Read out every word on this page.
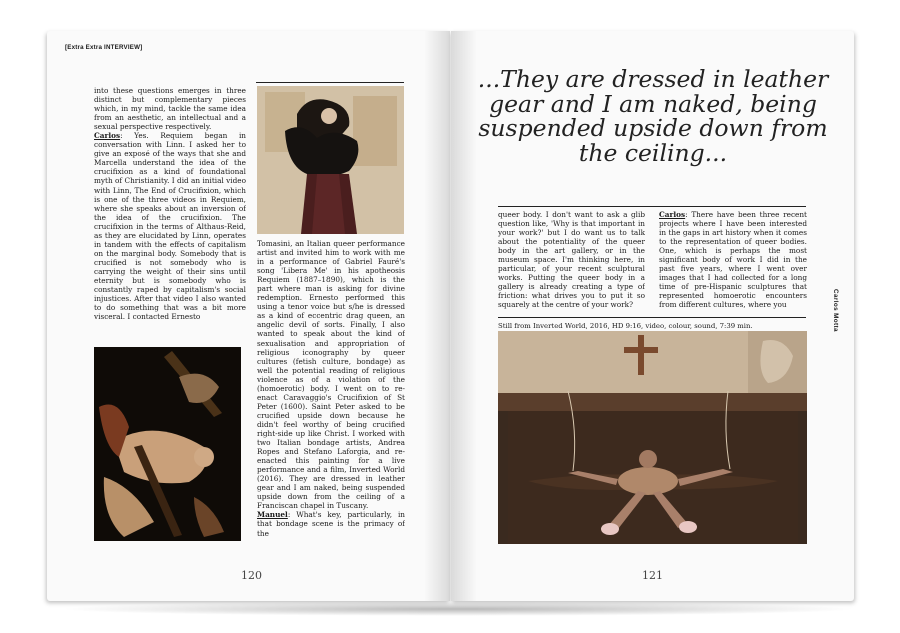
[Extra Extra INTERVIEW]

into these questions emerges in three distinct but complementary pieces which, in my mind, tackle the same idea from an aesthetic, an intellectual and a sexual perspective respectively.

Carlos: Yes. Requiem began in conversation with Linn. I asked her to give an exposé of the ways that she and Marcella understand the idea of the crucifixion as a kind of foundational myth of Christianity. I did an initial video with Linn, The End of Crucifixion, which is one of the three videos in Requiem, where she speaks about an inversion of the idea of the crucifixion. The crucifixion in the terms of Althaus-Reid, as they are elucidated by Linn, operates in tandem with the effects of capitalism on the marginal body. Somebody that is crucified is not somebody who is carrying the weight of their sins until eternity but is somebody who is constantly raped by capitalism's social injustices. After that video I also wanted to do something that was a bit more visceral. I contacted Ernesto

Tomasini, an Italian queer performance artist and invited him to work with me in a performance of Gabriel Fauré's song 'Libera Me' in his apotheosis Requiem (1887–1890), which is the part where man is asking for divine redemption. Ernesto performed this using a tenor voice but s/he is dressed as a kind of eccentric drag queen, an angelic devil of sorts. Finally, I also wanted to speak about the kind of sexualisation and appropriation of religious iconography by queer cultures (fetish culture, bondage) as well the potential reading of religious violence as of a violation of the (homoerotic) body. I went on to re-enact Caravaggio's Crucifixion of St Peter (1600). Saint Peter asked to be crucified upside down because he didn't feel worthy of being crucified right-side up like Christ. I worked with two Italian bondage artists, Andrea Ropes and Stefano Laforgia, and re-enacted this painting for a live performance and a film, Inverted World (2016). They are dressed in leather gear and I am naked, being suspended upside down from the ceiling of a Franciscan chapel in Tuscany.

Manuel: What's key, particularly, in that bondage scene is the primacy of the

120
...They are dressed in leather gear and I am naked, being suspended upside down from the ceiling...

queer body. I don't want to ask a glib question like, 'Why is that important in your work?' but I do want us to talk about the potentiality of the queer body in the art gallery, or in the museum space. I'm thinking here, in particular, of your recent sculptural works. Putting the queer body in a gallery is already creating a type of friction: what drives you to put it so squarely at the centre of your work?

Carlos: There have been three recent projects where I have been interested in the gaps in art history when it comes to the representation of queer bodies. One, which is perhaps the most significant body of work I did in the past five years, where I went over images that I had collected for a long time of pre-Hispanic sculptures that represented homoerotic encounters from different cultures, where you

Still from Inverted World, 2016, HD 9:16, video, colour, sound, 7:39 min.	Carlos Motta
121
